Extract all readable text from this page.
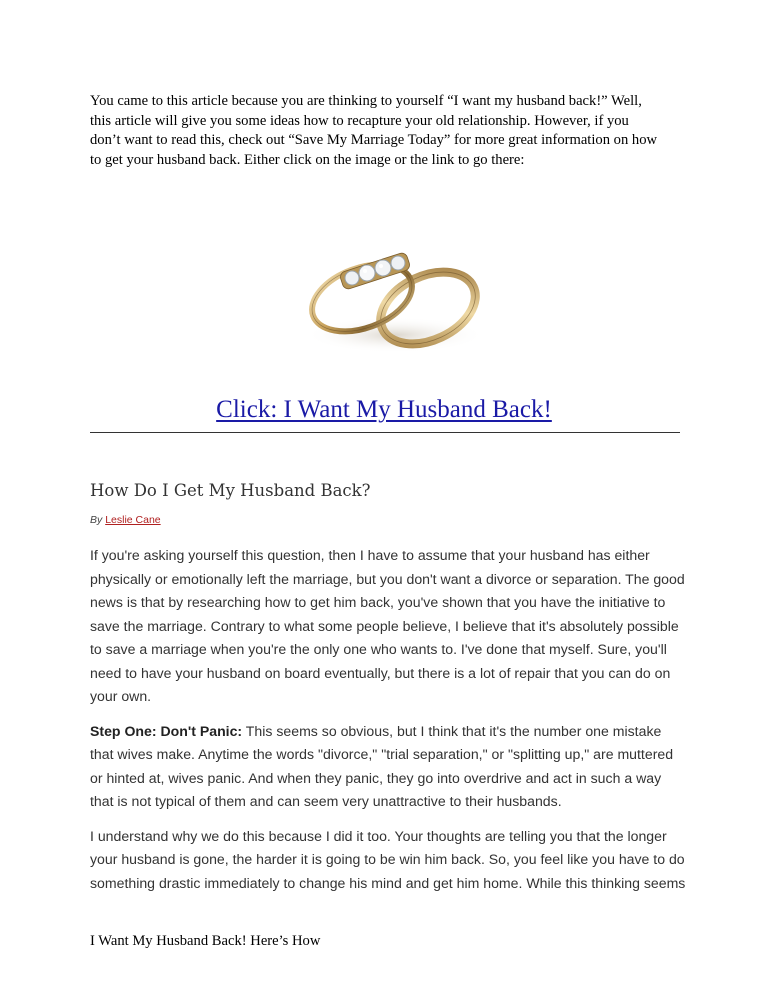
You came to this article because you are thinking to yourself “I want my husband back!” Well,
this article will give you some ideas how to recapture your old relationship. However, if you
don’t want to read this, check out “Save My Marriage Today” for more great information on how
to get your husband back. Either click on the image or the link to go there:

Click: I Want My Husband Back!
How Do I Get My Husband Back?
By Leslie Cane

If you're asking yourself this question, then I have to assume that your husband has either
physically or emotionally left the marriage, but you don't want a divorce or separation. The good
news is that by researching how to get him back, you've shown that you have the initiative to
save the marriage. Contrary to what some people believe, I believe that it's absolutely possible
to save a marriage when you're the only one who wants to. I've done that myself. Sure, you'll
need to have your husband on board eventually, but there is a lot of repair that you can do on
your own.

Step One: Don't Panic: This seems so obvious, but I think that it's the number one mistake
that wives make. Anytime the words "divorce," "trial separation," or "splitting up," are muttered
or hinted at, wives panic. And when they panic, they go into overdrive and act in such a way
that is not typical of them and can seem very unattractive to their husbands.

I understand why we do this because I did it too. Your thoughts are telling you that the longer
your husband is gone, the harder it is going to be win him back. So, you feel like you have to do
something drastic immediately to change his mind and get him home. While this thinking seems

I Want My Husband Back! Here’s How
